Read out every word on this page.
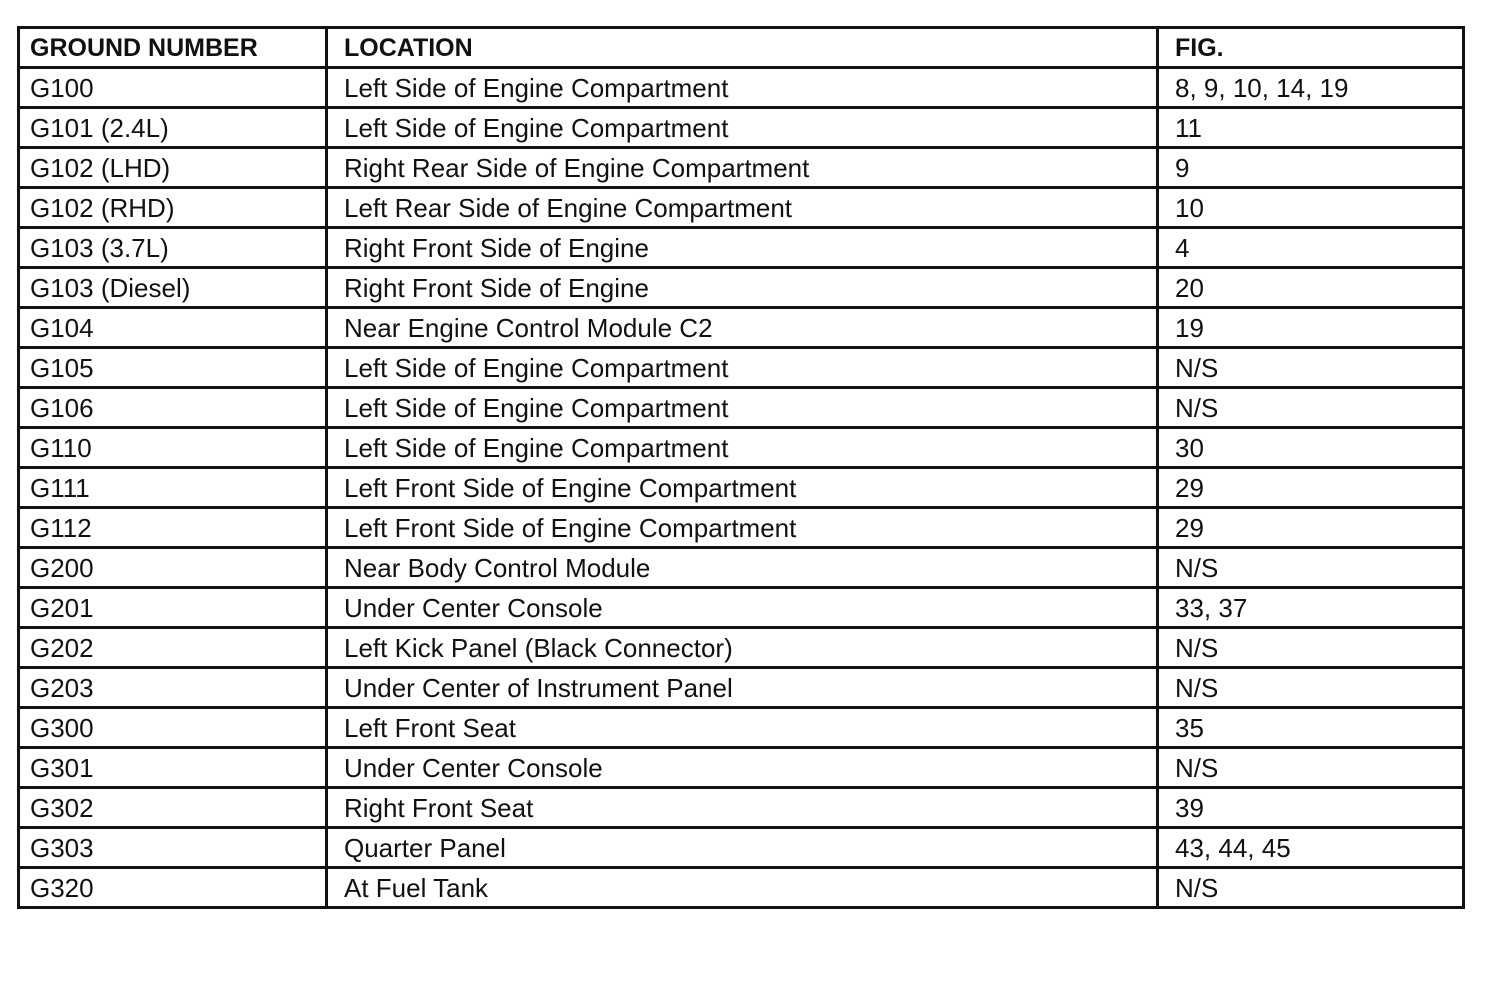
GROUND NUMBER	LOCATION	FIG.
G100	Left Side of Engine Compartment	8, 9, 10, 14, 19
G101 (2.4L)	Left Side of Engine Compartment	11
G102 (LHD)	Right Rear Side of Engine Compartment	9
G102 (RHD)	Left Rear Side of Engine Compartment	10
G103 (3.7L)	Right Front Side of Engine	4
G103 (Diesel)	Right Front Side of Engine	20
G104	Near Engine Control Module C2	19
G105	Left Side of Engine Compartment	N/S
G106	Left Side of Engine Compartment	N/S
G110	Left Side of Engine Compartment	30
G111	Left Front Side of Engine Compartment	29
G112	Left Front Side of Engine Compartment	29
G200	Near Body Control Module	N/S
G201	Under Center Console	33, 37
G202	Left Kick Panel (Black Connector)	N/S
G203	Under Center of Instrument Panel	N/S
G300	Left Front Seat	35
G301	Under Center Console	N/S
G302	Right Front Seat	39
G303	Quarter Panel	43, 44, 45
G320	At Fuel Tank	N/S
